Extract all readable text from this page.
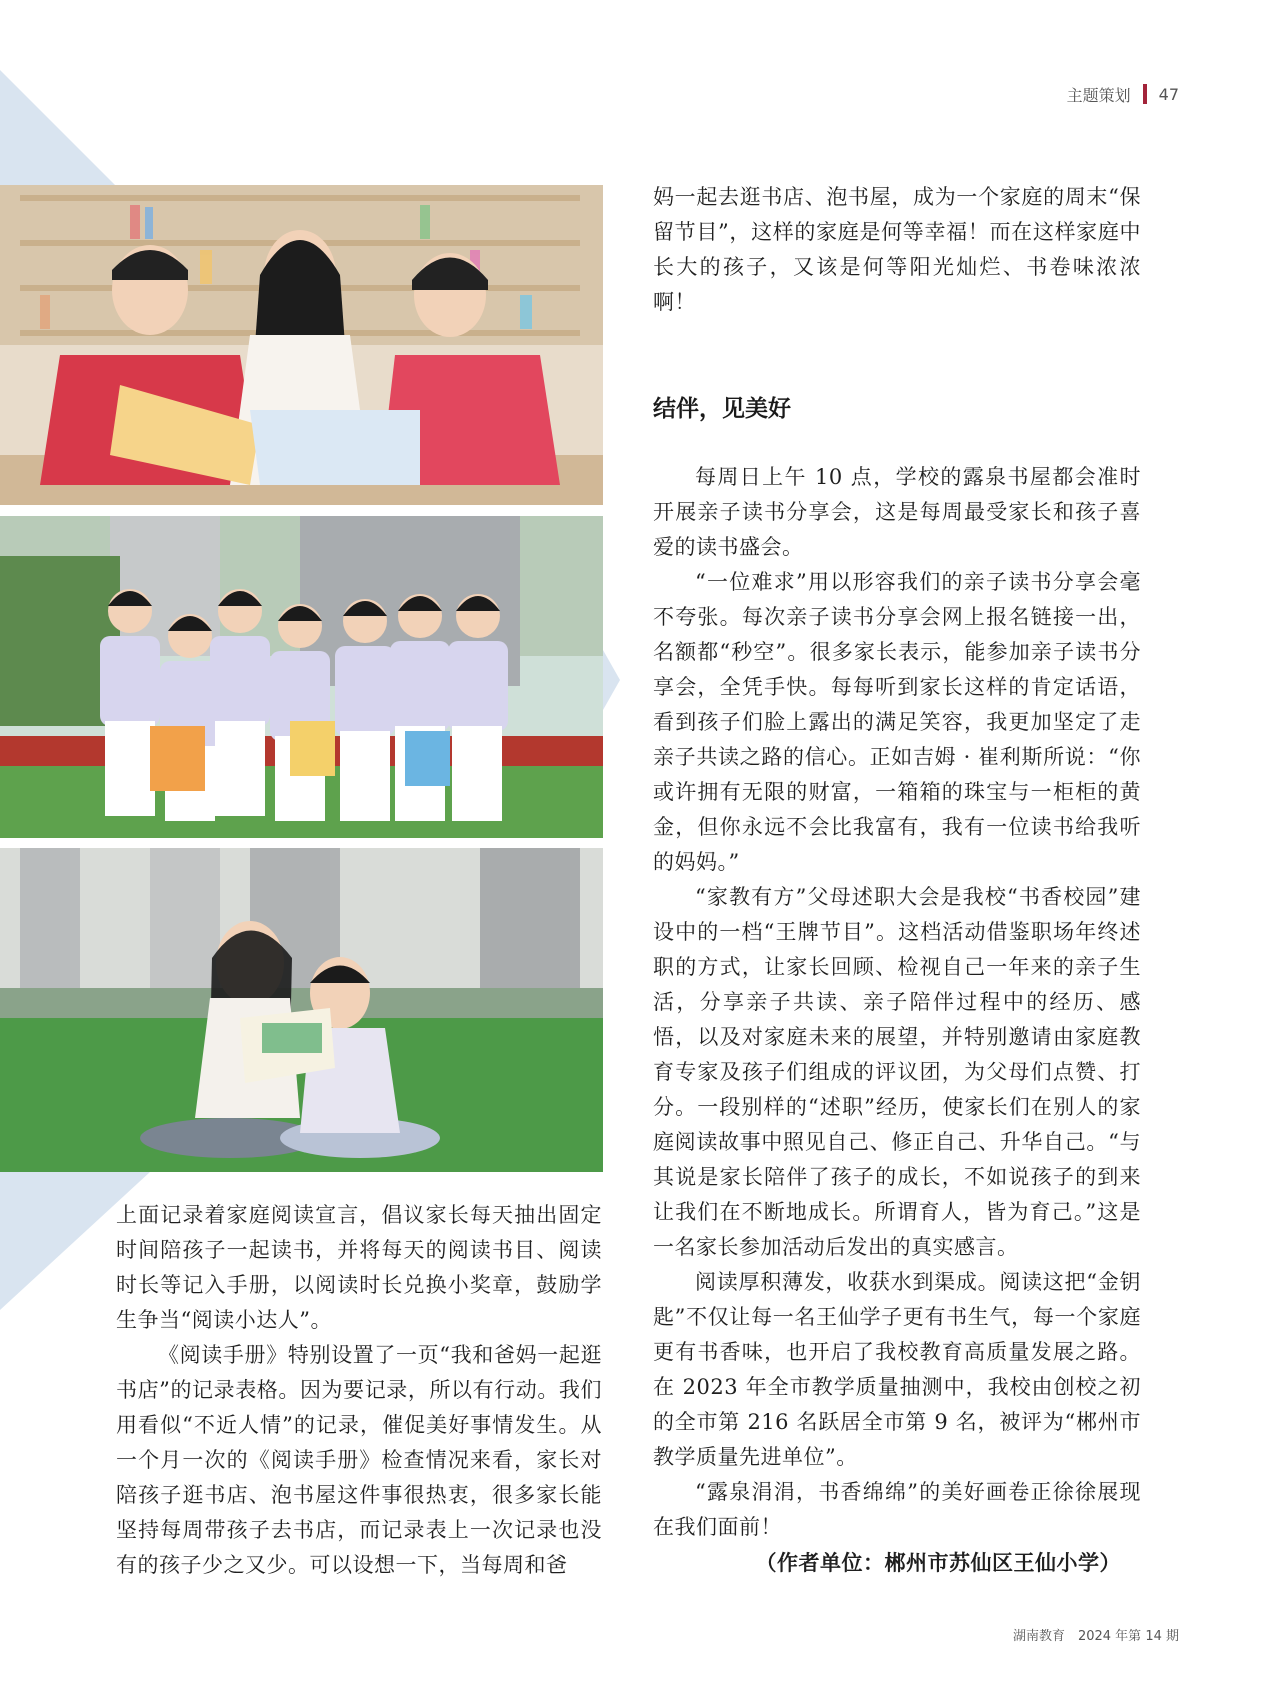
主题策划 47

妈一起去逛书店、泡书屋，成为一个家庭的周末“保留节目”，这样的家庭是何等幸福！而在这样家庭中长大的孩子，又该是何等阳光灿烂、书卷味浓浓啊！

结伴，见美好

每周日上午 10 点，学校的露泉书屋都会准时开展亲子读书分享会，这是每周最受家长和孩子喜爱的读书盛会。

“一位难求”用以形容我们的亲子读书分享会毫不夸张。每次亲子读书分享会网上报名链接一出，名额都“秒空”。很多家长表示，能参加亲子读书分享会，全凭手快。每每听到家长这样的肯定话语，看到孩子们脸上露出的满足笑容，我更加坚定了走亲子共读之路的信心。正如吉姆 · 崔利斯所说：“你或许拥有无限的财富，一箱箱的珠宝与一柜柜的黄金，但你永远不会比我富有，我有一位读书给我听的妈妈。”

“家教有方”父母述职大会是我校“书香校园”建设中的一档“王牌节目”。这档活动借鉴职场年终述职的方式，让家长回顾、检视自己一年来的亲子生活，分享亲子共读、亲子陪伴过程中的经历、感悟，以及对家庭未来的展望，并特别邀请由家庭教育专家及孩子们组成的评议团，为父母们点赞、打分。一段别样的“述职”经历，使家长们在别人的家庭阅读故事中照见自己、修正自己、升华自己。“与其说是家长陪伴了孩子的成长，不如说孩子的到来让我们在不断地成长。所谓育人，皆为育己。”这是一名家长参加活动后发出的真实感言。

阅读厚积薄发，收获水到渠成。阅读这把“金钥匙”不仅让每一名王仙学子更有书生气，每一个家庭更有书香味，也开启了我校教育高质量发展之路。在 2023 年全市教学质量抽测中，我校由创校之初的全市第 216 名跃居全市第 9 名，被评为“郴州市教学质量先进单位”。

“露泉涓涓，书香绵绵”的美好画卷正徐徐展现在我们面前！

（作者单位：郴州市苏仙区王仙小学）

上面记录着家庭阅读宣言，倡议家长每天抽出固定时间陪孩子一起读书，并将每天的阅读书目、阅读时长等记入手册，以阅读时长兑换小奖章，鼓励学生争当“阅读小达人”。

《阅读手册》特别设置了一页“我和爸妈一起逛书店”的记录表格。因为要记录，所以有行动。我们用看似“不近人情”的记录，催促美好事情发生。从一个月一次的《阅读手册》检查情况来看，家长对陪孩子逛书店、泡书屋这件事很热衷，很多家长能坚持每周带孩子去书店，而记录表上一次记录也没有的孩子少之又少。可以设想一下，当每周和爸

湖南教育　2024 年第 14 期
